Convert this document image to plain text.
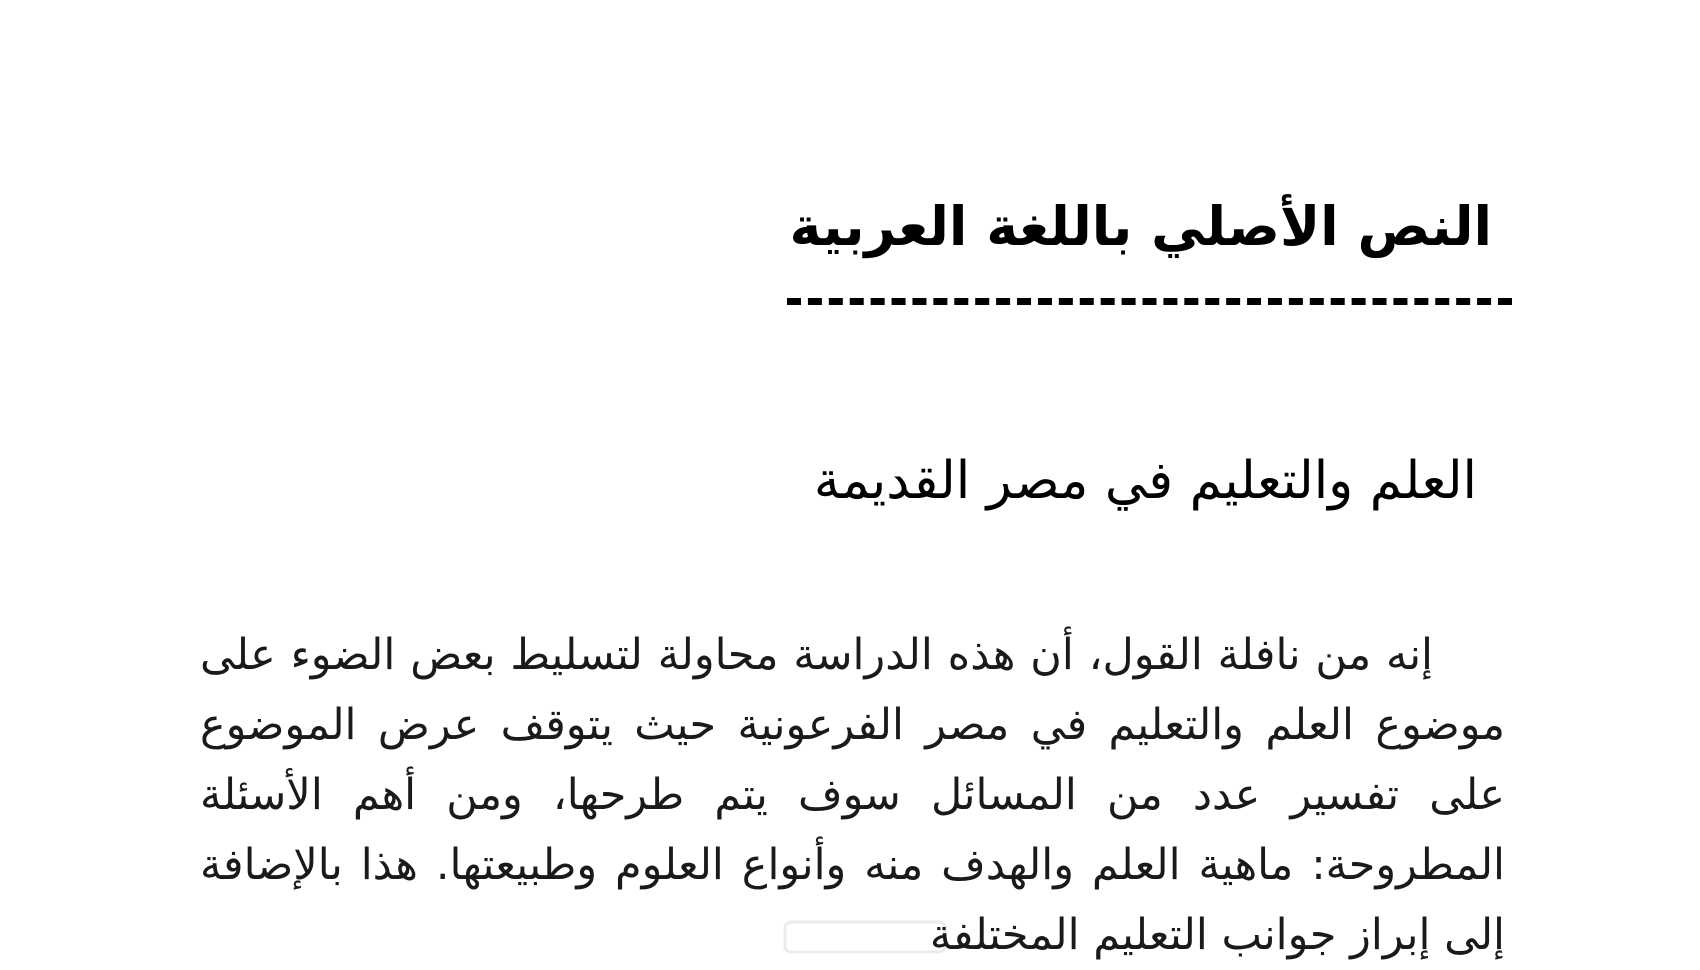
النص الأصلي باللغة العربية
العلم والتعليم في مصر القديمة

إنه من نافلة القول، أن هذه الدراسة محاولة لتسليط بعض الضوء على موضوع العلم والتعليم في مصر الفرعونية حيث يتوقف عرض الموضوع على تفسير عدد من المسائل سوف يتم طرحها، ومن أهم الأسئلة المطروحة: ماهية العلم والهدف منه وأنواع العلوم وطبيعتها. هذا بالإضافة إلى إبراز جوانب التعليم المختلفة
